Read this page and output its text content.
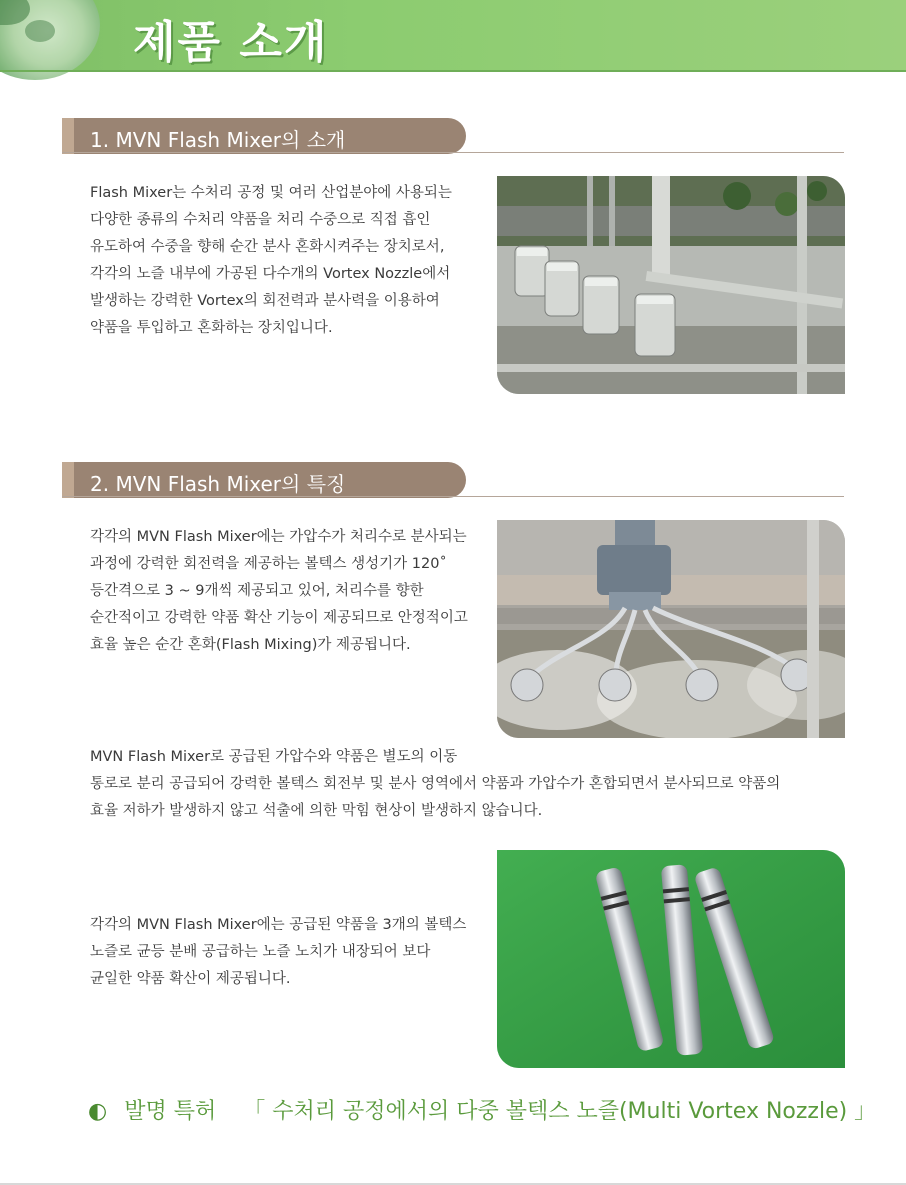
제품 소개
1. MVN Flash Mixer의 소개
Flash Mixer는 수처리 공정 및 여러 산업분야에 사용되는
다양한 종류의 수처리 약품을 처리 수중으로 직접 흡인
유도하여 수중을 향해 순간 분사 혼화시켜주는 장치로서,
각각의 노즐 내부에 가공된 다수개의 Vortex Nozzle에서
발생하는 강력한 Vortex의 회전력과 분사력을 이용하여
약품을 투입하고 혼화하는 장치입니다.
2. MVN Flash Mixer의 특징
각각의 MVN Flash Mixer에는 가압수가 처리수로 분사되는
과정에 강력한 회전력을 제공하는 볼텍스 생성기가 120˚
등간격으로 3 ~ 9개씩 제공되고 있어, 처리수를 향한
순간적이고 강력한 약품 확산 기능이 제공되므로 안정적이고
효율 높은 순간 혼화(Flash Mixing)가 제공됩니다.
MVN Flash Mixer로 공급된 가압수와 약품은 별도의 이동
통로로 분리 공급되어 강력한 볼텍스 회전부 및 분사 영역에서 약품과 가압수가 혼합되면서 분사되므로 약품의
효율 저하가 발생하지 않고 석출에 의한 막힘 현상이 발생하지 않습니다.
각각의 MVN Flash Mixer에는 공급된 약품을 3개의 볼텍스
노즐로 균등 분배 공급하는 노즐 노치가 내장되어 보다
균일한 약품 확산이 제공됩니다.
◐ 발명 특허 「 수처리 공정에서의 다중 볼텍스 노즐(Multi Vortex Nozzle) 」
